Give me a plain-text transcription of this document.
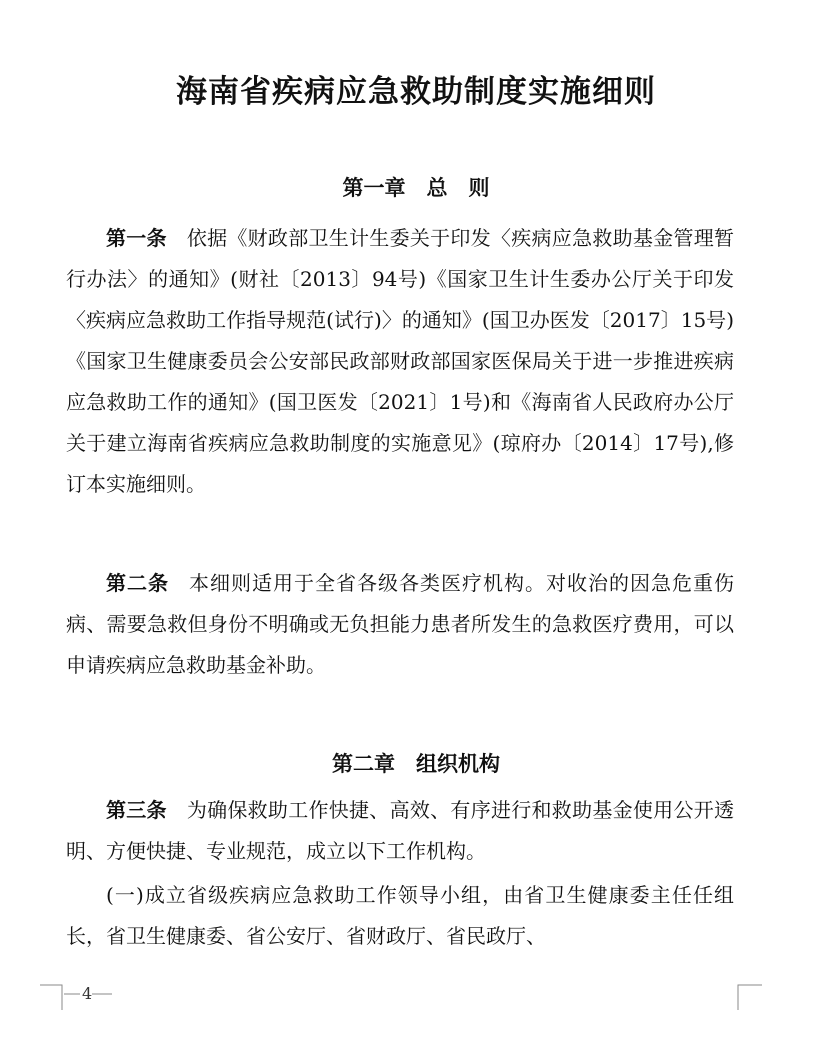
海南省疾病应急救助制度实施细则
第一章　总　则

第一条 依据《财政部卫生计生委关于印发〈疾病应急救助基金管理暂行办法〉的通知》(财社〔2013〕94号)《国家卫生计生委办公厅关于印发〈疾病应急救助工作指导规范(试行)〉的通知》(国卫办医发〔2017〕15号)《国家卫生健康委员会公安部民政部财政部国家医保局关于进一步推进疾病应急救助工作的通知》(国卫医发〔2021〕1号)和《海南省人民政府办公厅关于建立海南省疾病应急救助制度的实施意见》(琼府办〔2014〕17号),修订本实施细则。

第二条 本细则适用于全省各级各类医疗机构。对收治的因急危重伤病、需要急救但身份不明确或无负担能力患者所发生的急救医疗费用，可以申请疾病应急救助基金补助。

第二章　组织机构

第三条 为确保救助工作快捷、高效、有序进行和救助基金使用公开透明、方便快捷、专业规范，成立以下工作机构。

(一)成立省级疾病应急救助工作领导小组，由省卫生健康委主任任组长，省卫生健康委、省公安厅、省财政厅、省民政厅、

4
